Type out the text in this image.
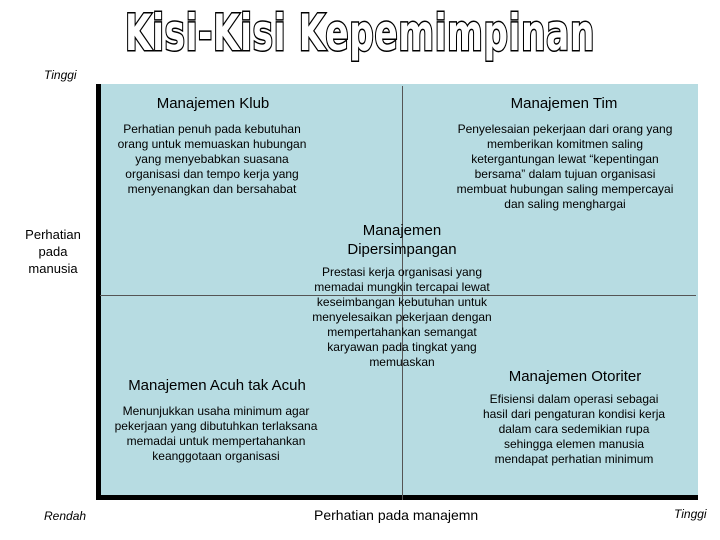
Kisi-Kisi Kepemimpinan
Tinggi
Manajemen Klub
Perhatian penuh pada kebutuhan orang untuk memuaskan hubungan yang menyebabkan suasana organisasi dan tempo kerja yang menyenangkan dan bersahabat
Manajemen Tim
Penyelesaian pekerjaan dari orang yang memberikan komitmen saling ketergantungan lewat “kepentingan bersama” dalam tujuan organisasi membuat hubungan saling mempercayai dan saling menghargai
Manajemen Dipersimpangan
Prestasi kerja organisasi yang memadai mungkin tercapai lewat keseimbangan kebutuhan untuk menyelesaikan pekerjaan dengan mempertahankan semangat karyawan pada tingkat yang memuaskan
Manajemen Acuh tak Acuh
Menunjukkan usaha minimum agar pekerjaan yang dibutuhkan terlaksana memadai untuk mempertahankan keanggotaan organisasi
Manajemen Otoriter
Efisiensi dalam operasi sebagai hasil dari pengaturan kondisi kerja dalam cara sedemikian rupa sehingga elemen manusia mendapat perhatian minimum
Perhatian pada manusia
Rendah	Perhatian pada manajemn	Tinggi
